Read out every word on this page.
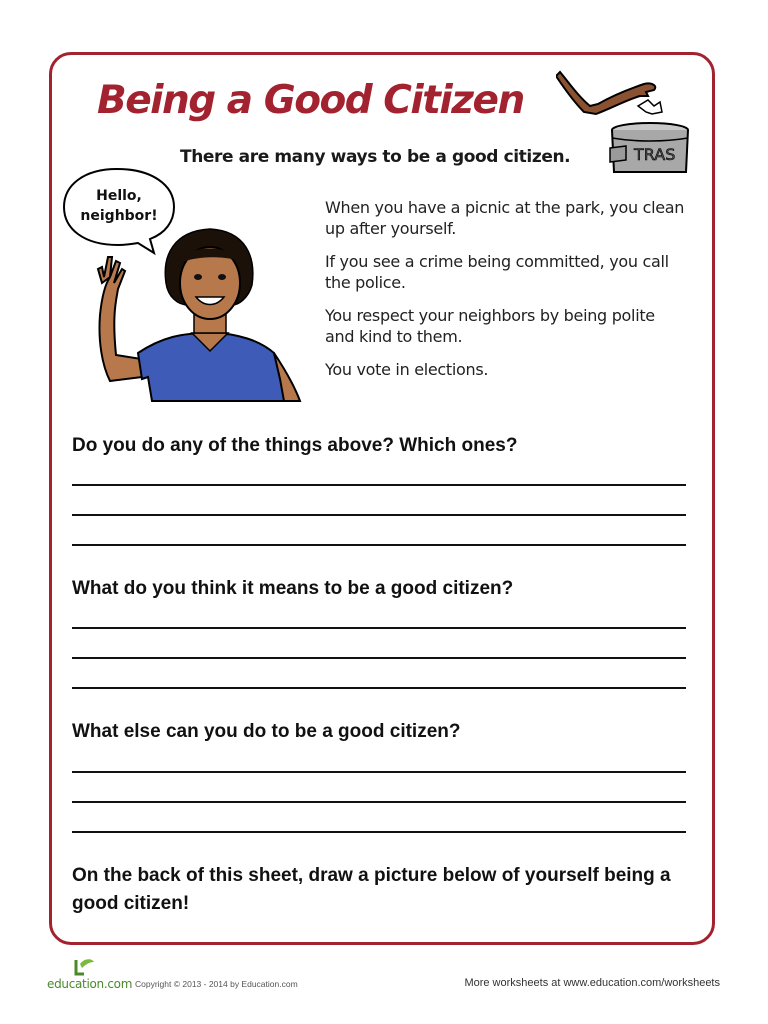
Being a Good Citizen
There are many ways to be a good citizen.	TRAS
Hello,
neighbor!	When you have a picnic at the park, you clean up after yourself.

If you see a crime being committed, you call the police.

You respect your neighbors by being polite and kind to them.

You vote in elections.

Do you do any of the things above? Which ones?

What do you think it means to be a good citizen?

What else can you do to be a good citizen?

On the back of this sheet, draw a picture below of yourself being a good citizen!

education.com Copyright © 2013 - 2014 by Education.com	More worksheets at www.education.com/worksheets
